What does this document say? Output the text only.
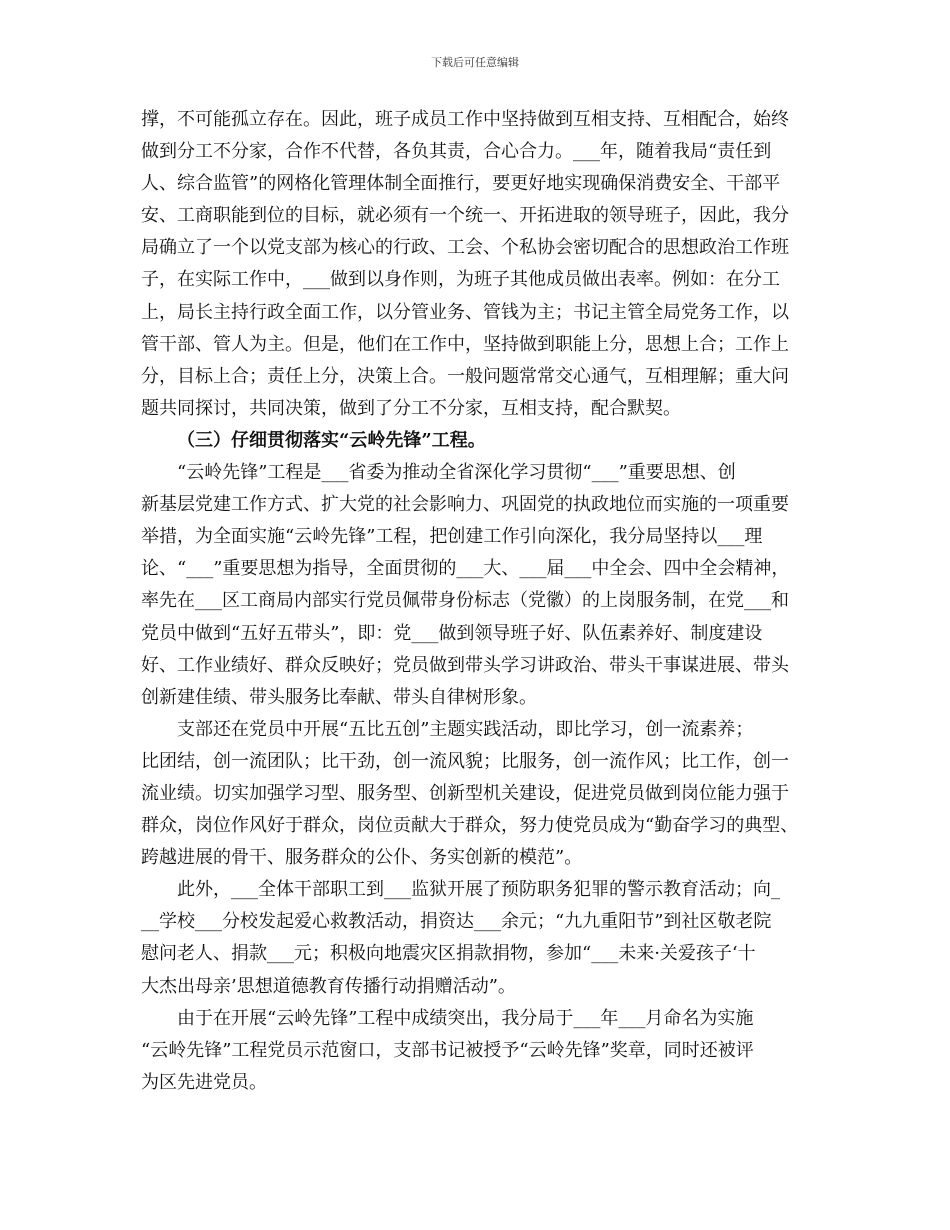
下载后可任意编辑
撑，不可能孤立存在。因此，班子成员工作中坚持做到互相支持、互相配合，始终
做到分工不分家，合作不代替，各负其责，合心合力。___年，随着我局“责任到
人、综合监管”的网格化管理体制全面推行，要更好地实现确保消费安全、干部平
安、工商职能到位的目标，就必须有一个统一、开拓进取的领导班子，因此，我分
局确立了一个以党支部为核心的行政、工会、个私协会密切配合的思想政治工作班
子，在实际工作中，___做到以身作则，为班子其他成员做出表率。例如：在分工
上，局长主持行政全面工作，以分管业务、管钱为主；书记主管全局党务工作，以
管干部、管人为主。但是，他们在工作中，坚持做到职能上分，思想上合；工作上
分，目标上合；责任上分，决策上合。一般问题常常交心通气，互相理解；重大问
题共同探讨，共同决策，做到了分工不分家，互相支持，配合默契。
（三）仔细贯彻落实“云岭先锋”工程。
“云岭先锋”工程是___省委为推动全省深化学习贯彻“___”重要思想、创
新基层党建工作方式、扩大党的社会影响力、巩固党的执政地位而实施的一项重要
举措，为全面实施“云岭先锋”工程，把创建工作引向深化，我分局坚持以___理
论、“___”重要思想为指导，全面贯彻的___大、___届___中全会、四中全会精神，
率先在___区工商局内部实行党员佩带身份标志（党徽）的上岗服务制，在党___和
党员中做到“五好五带头”，即：党___做到领导班子好、队伍素养好、制度建设
好、工作业绩好、群众反映好；党员做到带头学习讲政治、带头干事谋进展、带头
创新建佳绩、带头服务比奉献、带头自律树形象。
支部还在党员中开展“五比五创”主题实践活动，即比学习，创一流素养；
比团结，创一流团队；比干劲，创一流风貌；比服务，创一流作风；比工作，创一
流业绩。切实加强学习型、服务型、创新型机关建设，促进党员做到岗位能力强于
群众，岗位作风好于群众，岗位贡献大于群众，努力使党员成为“勤奋学习的典型、
跨越进展的骨干、服务群众的公仆、务实创新的模范”。
此外，___全体干部职工到___监狱开展了预防职务犯罪的警示教育活动；向_
__学校___分校发起爱心救教活动，捐资达___余元；“九九重阳节”到社区敬老院
慰问老人、捐款___元；积极向地震灾区捐款捐物，参加“___未来·关爱孩子‘十
大杰出母亲’思想道德教育传播行动捐赠活动”。
由于在开展“云岭先锋”工程中成绩突出，我分局于___年___月命名为实施
“云岭先锋”工程党员示范窗口，支部书记被授予“云岭先锋”奖章，同时还被评
为区先进党员。
